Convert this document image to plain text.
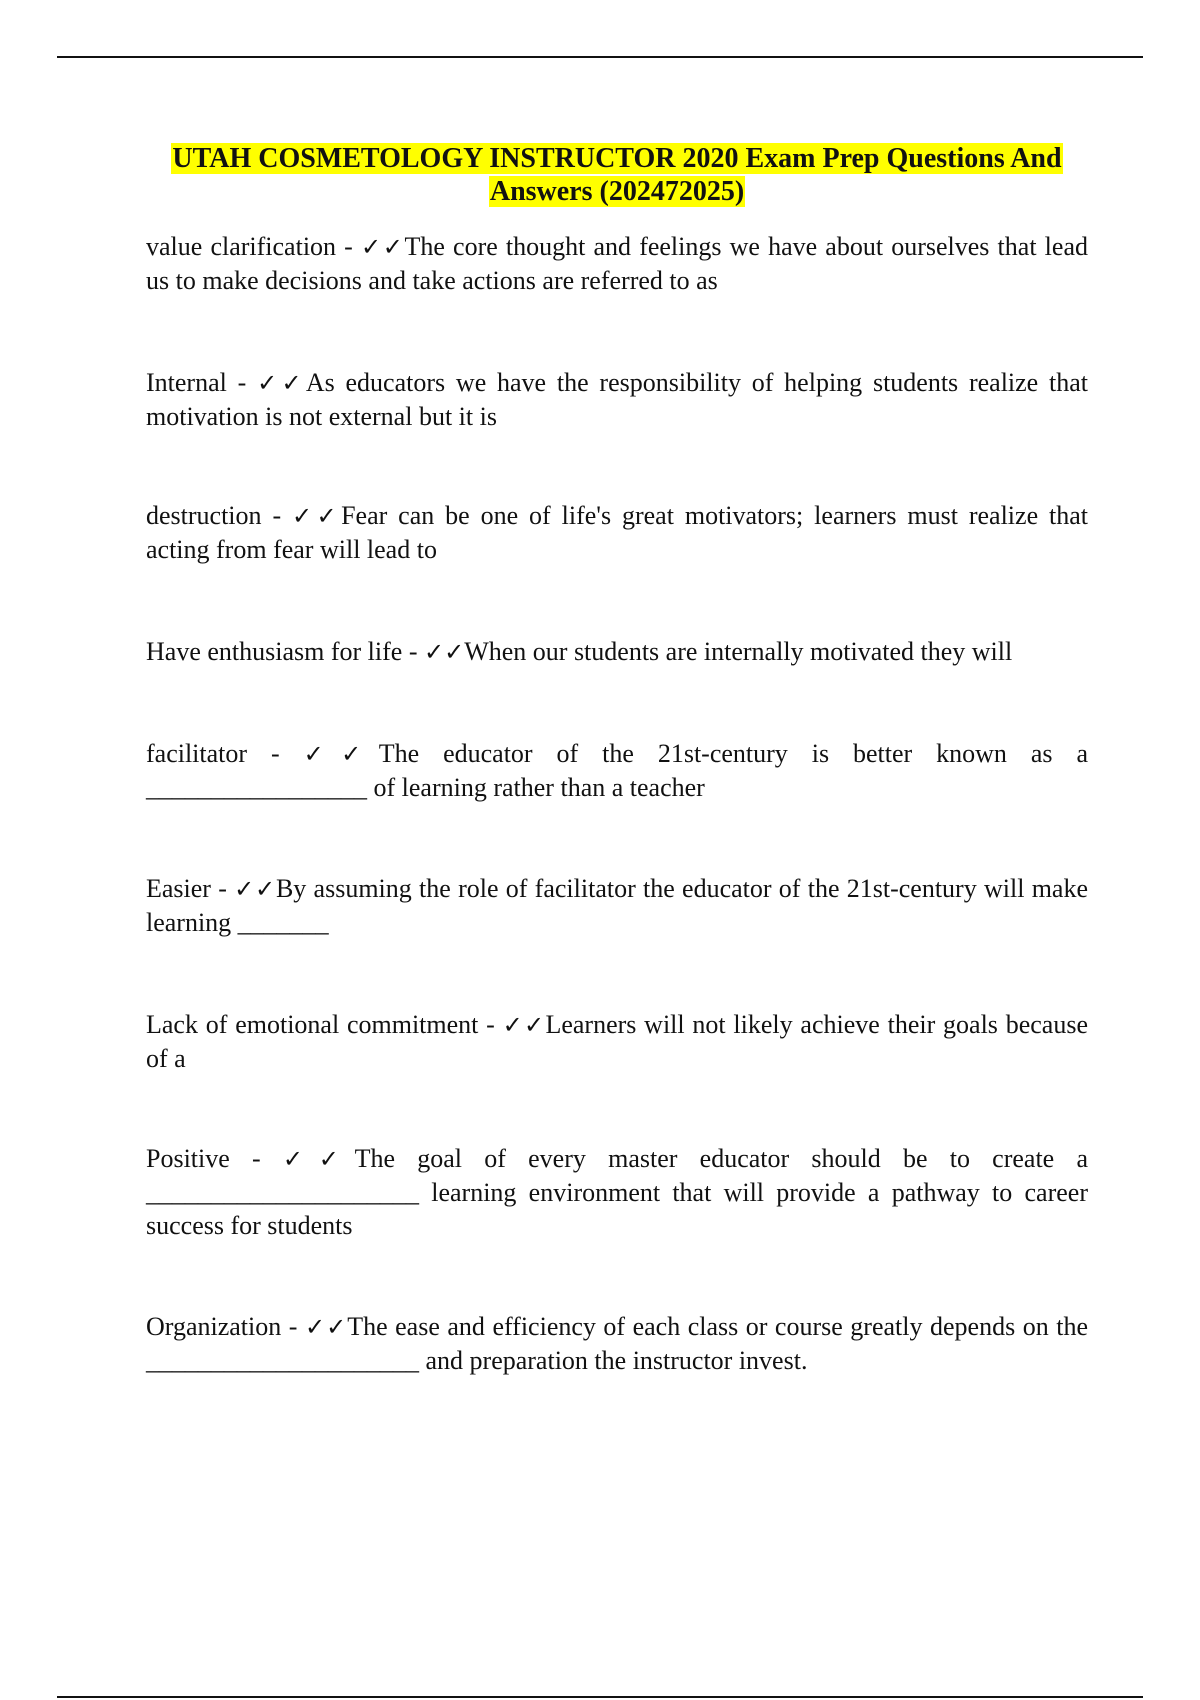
UTAH COSMETOLOGY INSTRUCTOR 2020 Exam Prep Questions And Answers (202472025)

value clarification - ✓✓The core thought and feelings we have about ourselves that lead us to make decisions and take actions are referred to as

Internal - ✓✓As educators we have the responsibility of helping students realize that motivation is not external but it is

destruction - ✓✓Fear can be one of life's great motivators; learners must realize that acting from fear will lead to

Have enthusiasm for life - ✓✓When our students are internally motivated they will

facilitator - ✓✓The educator of the 21st-century is better known as a _________________ of learning rather than a teacher

Easier - ✓✓By assuming the role of facilitator the educator of the 21st-century will make learning _______

Lack of emotional commitment - ✓✓Learners will not likely achieve their goals because of a

Positive - ✓✓The goal of every master educator should be to create a _____________________ learning environment that will provide a pathway to career success for students

Organization - ✓✓The ease and efficiency of each class or course greatly depends on the _____________________ and preparation the instructor invest.
